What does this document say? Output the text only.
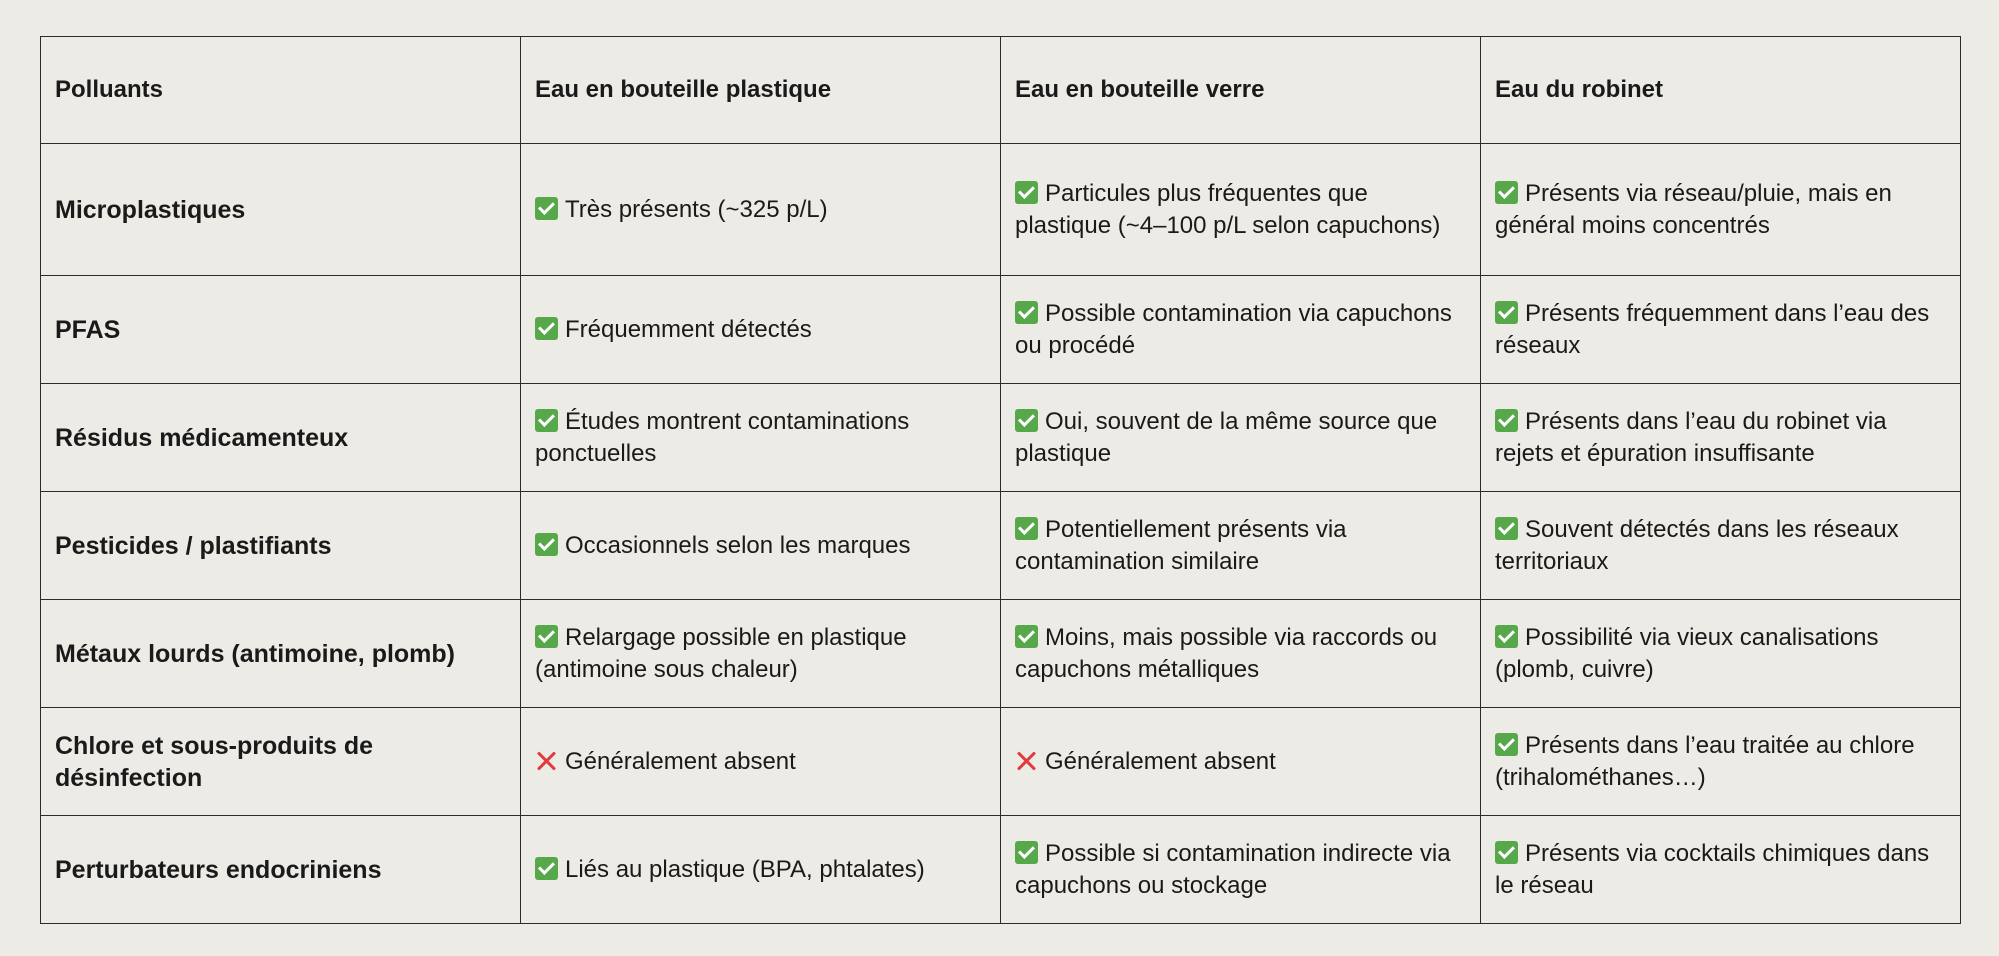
Polluants	Eau en bouteille plastique	Eau en bouteille verre	Eau du robinet
Microplastiques	Très présents (~325 p/L)	Particules plus fréquentes que plastique (~4–100 p/L selon capuchons)	Présents via réseau/pluie, mais en général moins concentrés
PFAS	Fréquemment détectés	Possible contamination via capuchons ou procédé	Présents fréquemment dans l’eau des réseaux
Résidus médicamenteux	Études montrent contaminations ponctuelles	Oui, souvent de la même source que plastique	Présents dans l’eau du robinet via rejets et épuration insuffisante
Pesticides / plastifiants	Occasionnels selon les marques	Potentiellement présents via contamination similaire	Souvent détectés dans les réseaux territoriaux
Métaux lourds (antimoine, plomb)	Relargage possible en plastique (antimoine sous chaleur)	Moins, mais possible via raccords ou capuchons métalliques	Possibilité via vieux canalisations (plomb, cuivre)
Chlore et sous-produits de désinfection	Généralement absent	Généralement absent	Présents dans l’eau traitée au chlore (trihalométhanes…)
Perturbateurs endocriniens	Liés au plastique (BPA, phtalates)	Possible si contamination indirecte via capuchons ou stockage	Présents via cocktails chimiques dans le réseau
